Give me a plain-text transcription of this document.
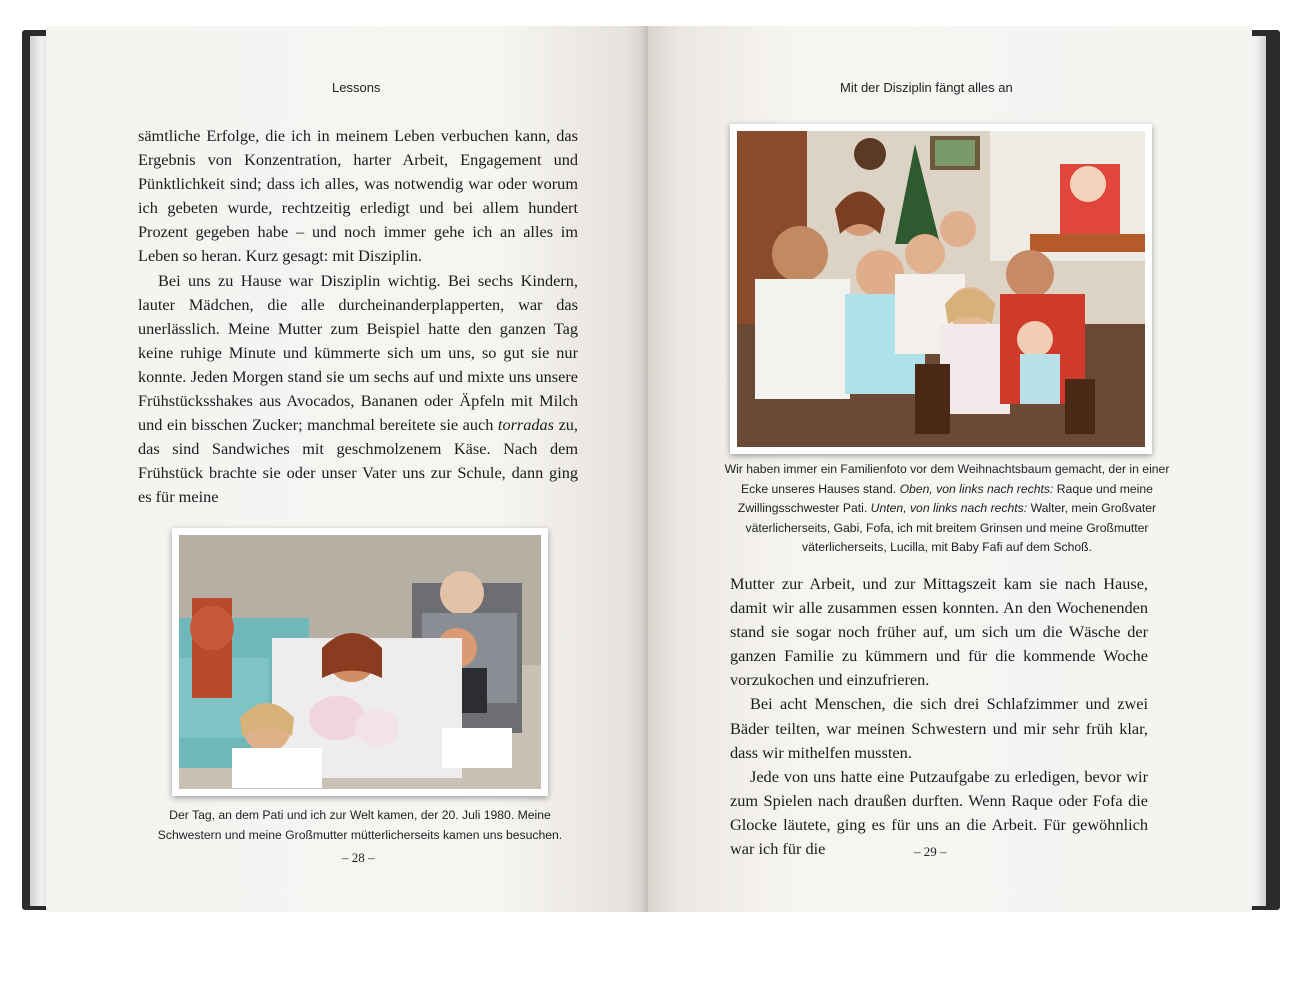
Lessons

sämtliche Erfolge, die ich in meinem Leben verbuchen kann, das Ergebnis von Konzentration, harter Arbeit, Engagement und Pünktlichkeit sind; dass ich alles, was notwendig war oder worum ich gebeten wurde, rechtzeitig erledigt und bei allem hundert Prozent gegeben habe – und noch immer gehe ich an alles im Leben so heran. Kurz gesagt: mit Disziplin.

Bei uns zu Hause war Disziplin wichtig. Bei sechs Kindern, lauter Mädchen, die alle durcheinanderplapperten, war das unerlässlich. Meine Mutter zum Beispiel hatte den ganzen Tag keine ruhige Minute und kümmerte sich um uns, so gut sie nur konnte. Jeden Morgen stand sie um sechs auf und mixte uns unsere Frühstücksshakes aus Avocados, Bananen oder Äpfeln mit Milch und ein bisschen Zucker; manchmal bereitete sie auch torradas zu, das sind Sandwiches mit geschmolzenem Käse. Nach dem Frühstück brachte sie oder unser Vater uns zur Schule, dann ging es für meine

Der Tag, an dem Pati und ich zur Welt kamen, der 20. Juli 1980. Meine
Schwestern und meine Großmutter mütterlicherseits kamen uns besuchen.
– 28 –
Mit der Disziplin fängt alles an
Wir haben immer ein Familienfoto vor dem Weihnachtsbaum gemacht, der in einer Ecke unseres Hauses stand. Oben, von links nach rechts: Raque und meine Zwillingsschwester Pati. Unten, von links nach rechts: Walter, mein Großvater väterlicherseits, Gabi, Fofa, ich mit breitem Grinsen und meine Großmutter väterlicherseits, Lucilla, mit Baby Fafi auf dem Schoß.

Mutter zur Arbeit, und zur Mittagszeit kam sie nach Hause, damit wir alle zusammen essen konnten. An den Wochenenden stand sie sogar noch früher auf, um sich um die Wäsche der ganzen Familie zu kümmern und für die kommende Woche vorzukochen und einzufrieren.

Bei acht Menschen, die sich drei Schlafzimmer und zwei Bäder teilten, war meinen Schwestern und mir sehr früh klar, dass wir mithelfen mussten.

Jede von uns hatte eine Putzaufgabe zu erledigen, bevor wir zum Spielen nach draußen durften. Wenn Raque oder Fofa die Glocke läutete, ging es für uns an die Arbeit. Für gewöhnlich war ich für die	– 29 –
